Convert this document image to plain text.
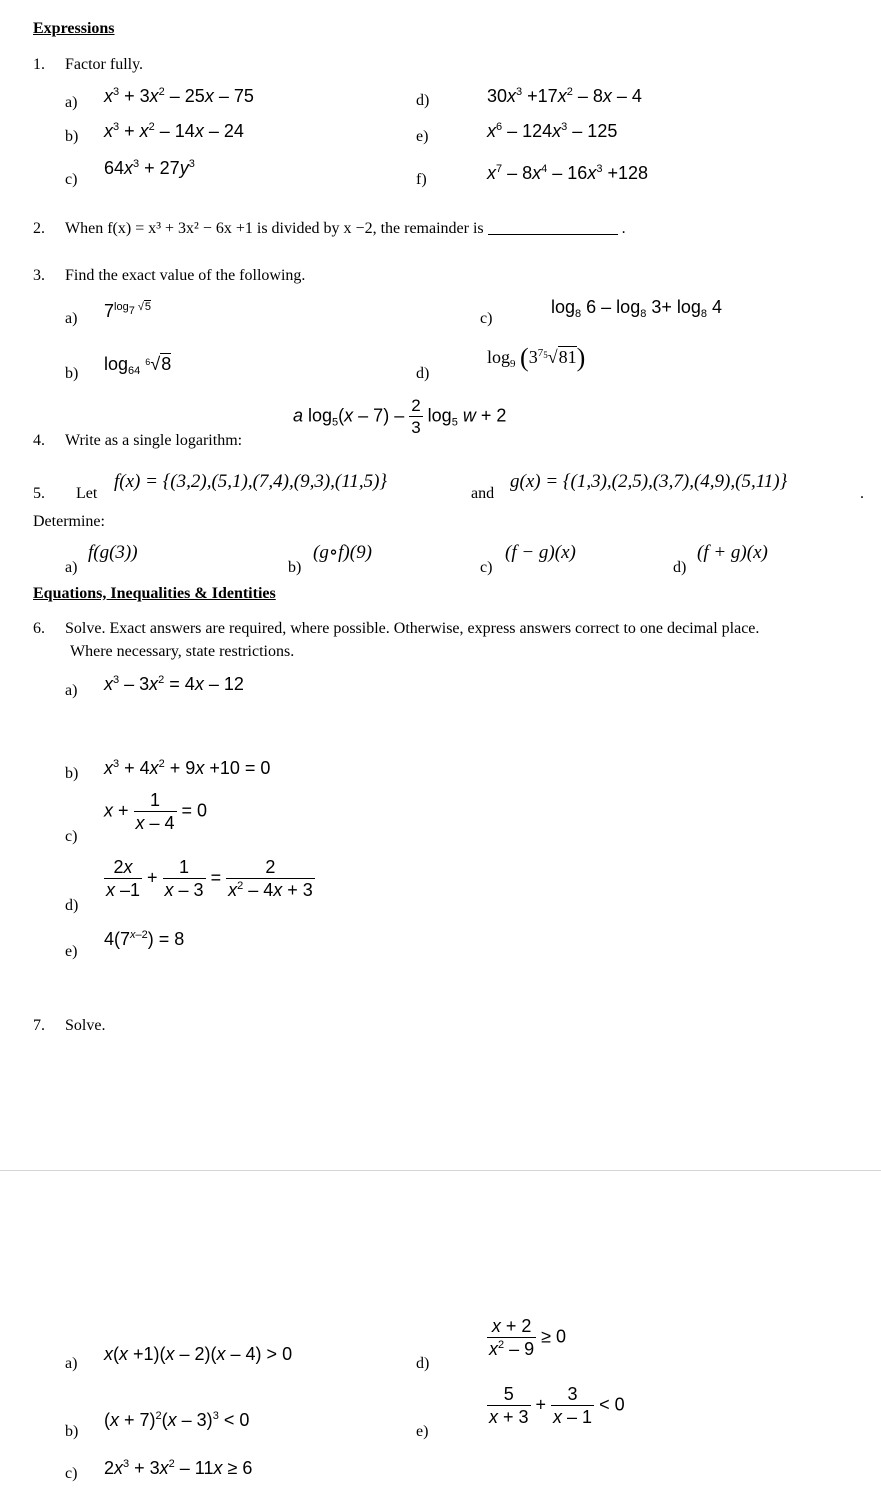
Expressions
1. Factor fully.
a) $x^3 + 3x^2 - 25x - 75$
b) $x^3 + x^2 - 14x - 24$
c)
$64x^3 + 27y^3$
d)	$30x^3 +17x^2 - 8x - 4$
e)	$x^6 - 124x^3 - 125$
f)	$x^7 - 8x^4 - 16x^3 +128$
2. When f(x) = x³ + 3x² − 6x +1 is divided by x −2, the remainder is	.
3. Find the exact value of the following.
a) $7^{log_7 √5}$
b) $\log_{64} ^6√8$
c)
$\log_8 6 - \log_8 3+ \log_8 4$
d)
$\log_9 (3^{75}√81)$
a $\log_5(x - 7) - \frac{2}{3} \log_5 w + 2$
4. Write as a single logarithm:
5. Let
f(x) = {(3,2),(5,1),(7,4),(9,3),(11,5)}
and
g(x) = {(1,3),(2,5),(3,7),(4,9),(5,11)}
.
Determine:
a)
f(g(3))
b)
(g∘f)(9)
c)
(f − g)(x)
d)
(f + g)(x)
Equations, Inequalities & Identities
6. Solve. Exact answers are required, where possible. Otherwise, express answers correct to one decimal place.
Where necessary, state restrictions.
a) $x^3 - 3x^2 = 4x - 12$
b) $x^3 + 4x^2 + 9x +10 = 0$
c)
$x + \frac{1}{x - 4} = 0$
d)
$\frac{2x}{x -1} + \frac{1}{x - 3} = \frac{2}{x^2 - 4x + 3}$
e)
$4(7^{x-2}) = 8$
7. Solve.
a) x(x +1)(x – 2)(x – 4) > 0
b)
$(x + 7)^2(x - 3)^3 < 0$
c) $2x^3 + 3x^2 - 11x \ge 6$
d)
$\frac{x + 2}{x^2 - 9} \ge 0$
e)
$\frac{5}{x + 3} + \frac{3}{x - 1} < 0$
